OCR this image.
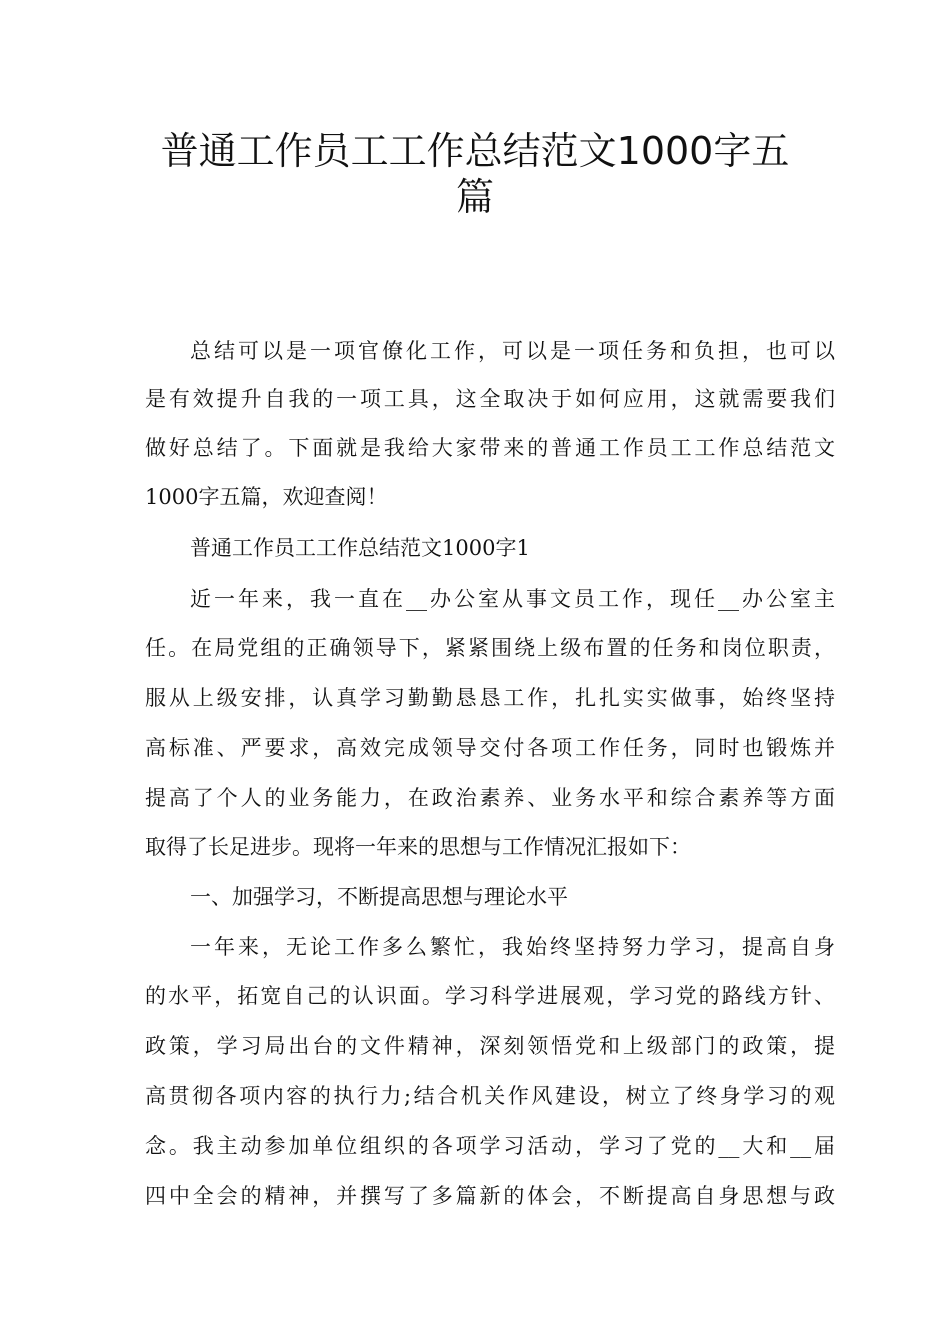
普通工作员工工作总结范文1000字五
篇
总结可以是一项官僚化工作，可以是一项任务和负担，也可以
是有效提升自我的一项工具，这全取决于如何应用，这就需要我们
做好总结了。下面就是我给大家带来的普通工作员工工作总结范文
1000字五篇，欢迎查阅！
普通工作员工工作总结范文1000字1
近一年来，我一直在__办公室从事文员工作，现任__办公室主
任。在局党组的正确领导下，紧紧围绕上级布置的任务和岗位职责，
服从上级安排，认真学习勤勤恳恳工作，扎扎实实做事，始终坚持
高标准、严要求，高效完成领导交付各项工作任务，同时也锻炼并
提高了个人的业务能力，在政治素养、业务水平和综合素养等方面
取得了长足进步。现将一年来的思想与工作情况汇报如下：
一、加强学习，不断提高思想与理论水平
一年来，无论工作多么繁忙，我始终坚持努力学习，提高自身
的水平，拓宽自己的认识面。学习科学进展观，学习党的路线方针、
政策，学习局出台的文件精神，深刻领悟党和上级部门的政策，提
高贯彻各项内容的执行力;结合机关作风建设，树立了终身学习的观
念。我主动参加单位组织的各项学习活动，学习了党的__大和__届
四中全会的精神，并撰写了多篇新的体会，不断提高自身思想与政
